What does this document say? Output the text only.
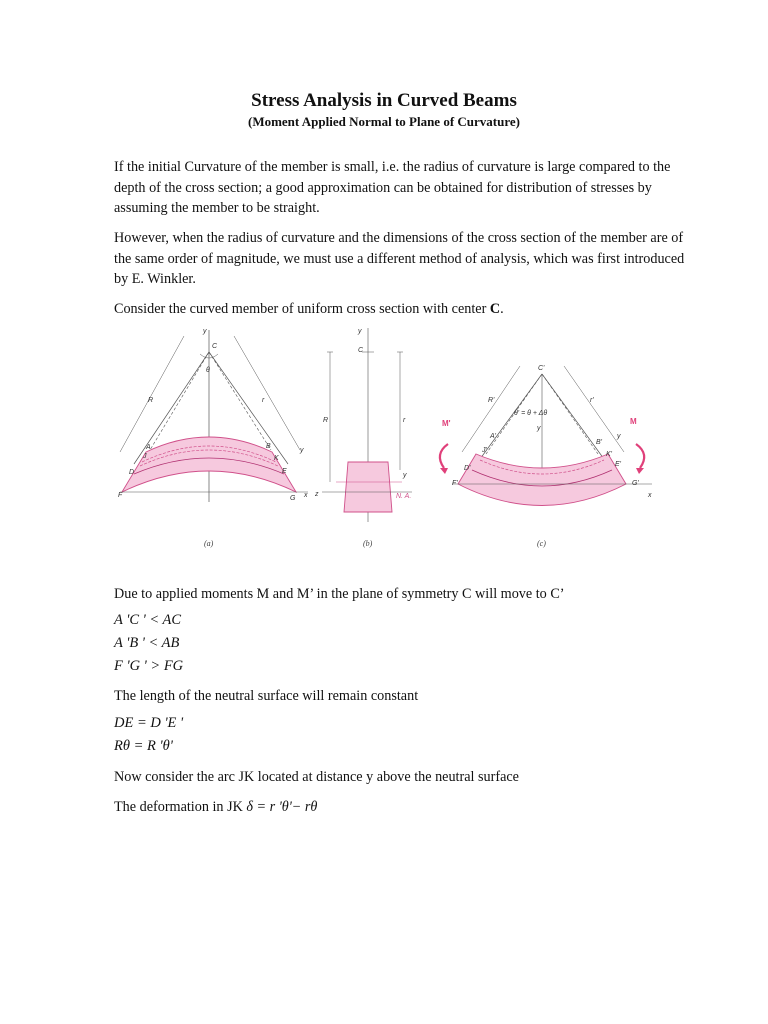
Stress Analysis in Curved Beams
(Moment Applied Normal to Plane of Curvature)

If the initial Curvature of the member is small, i.e. the radius of curvature is large compared to the depth of the cross section; a good approximation can be obtained for distribution of stresses by assuming the member to be straight.

However, when the radius of curvature and the dimensions of the cross section of the member are of the same order of magnitude, we must use a different method of analysis, which was first introduced by E. Winkler.

Consider the curved member of uniform cross section with center C.

y
C
θ
R	r
A	B
J	K
D	E
y
F	G x
(a)
y
C
R	r
y
z	N. A.
(b)
C'
r'
R'
θ' = θ + Δθ
y
M'	M
A'
B'
y
J'
K'
D'
E'
F'	G'
x
(c)

Due to applied moments M and M’ in the plane of symmetry C will move to C’

A 'C ' < AC

A 'B ' < AB

F 'G ' > FG

The length of the neutral surface will remain constant

DE = D 'E '

Rθ = R 'θ'

Now consider the arc JK located at distance y above the neutral surface

The deformation in JK δ = r 'θ'− rθ
